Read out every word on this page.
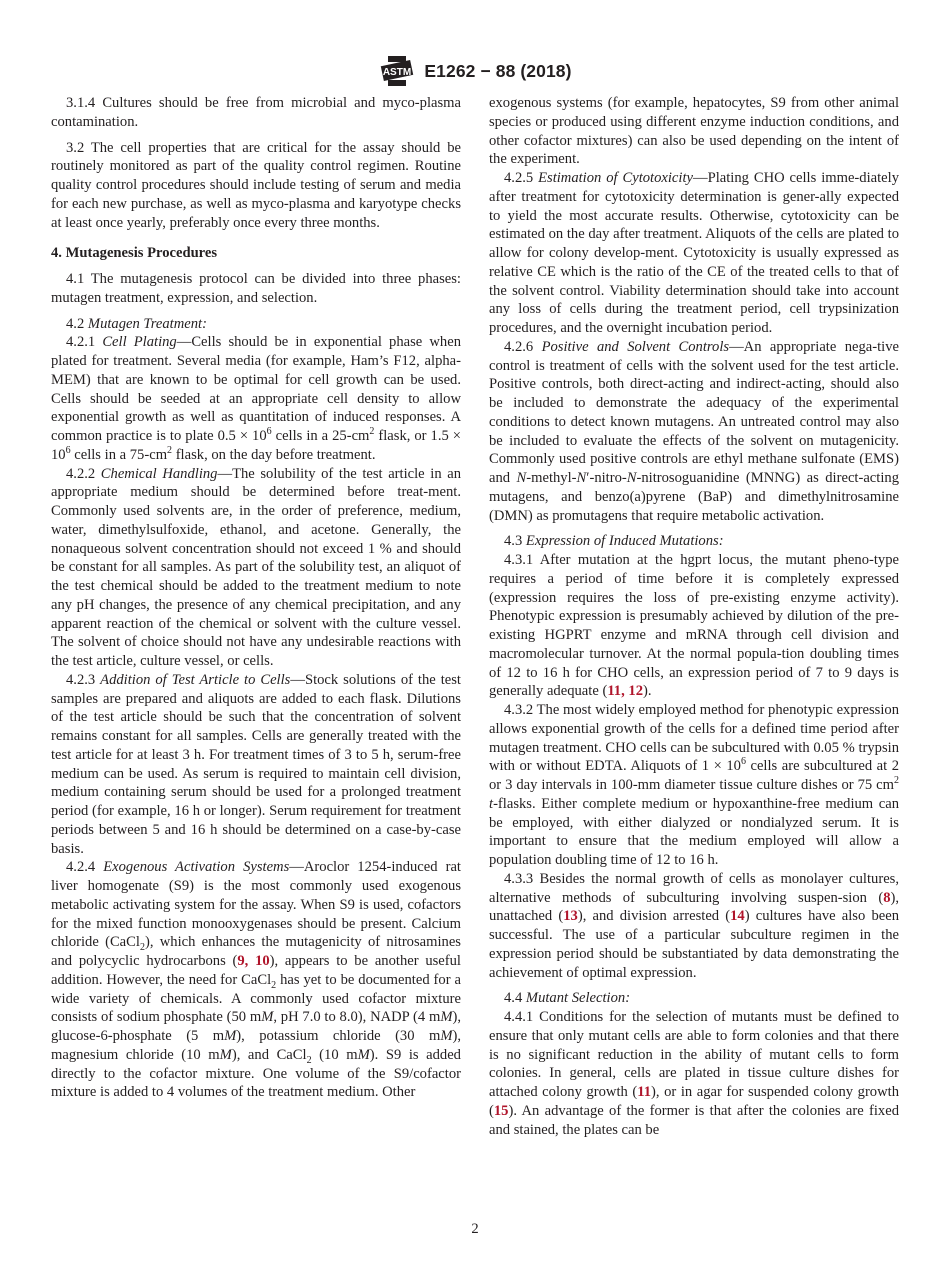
ASTM E1262 − 88 (2018)

3.1.4 Cultures should be free from microbial and myco-plasma contamination.

3.2 The cell properties that are critical for the assay should be routinely monitored as part of the quality control regimen. Routine quality control procedures should include testing of serum and media for each new purchase, as well as myco-plasma and karyotype checks at least once yearly, preferably once every three months.

4. Mutagenesis Procedures

4.1 The mutagenesis protocol can be divided into three phases: mutagen treatment, expression, and selection.

4.2 Mutagen Treatment:

4.2.1 Cell Plating—Cells should be in exponential phase when plated for treatment. Several media (for example, Ham’s F12, alpha-MEM) that are known to be optimal for cell growth can be used. Cells should be seeded at an appropriate cell density to allow exponential growth as well as quantitation of induced responses. A common practice is to plate $0.5 \times 10^6$ cells in a $25-cm^2$ flask, or $1.5 \times 10^6$ cells in a $75-cm^2$ flask, on the day before treatment.

4.2.2 Chemical Handling—The solubility of the test article in an appropriate medium should be determined before treat-ment. Commonly used solvents are, in the order of preference, medium, water, dimethylsulfoxide, ethanol, and acetone. Generally, the nonaqueous solvent concentration should not exceed 1 % and should be constant for all samples. As part of the solubility test, an aliquot of the test chemical should be added to the treatment medium to note any pH changes, the presence of any chemical precipitation, and any apparent reaction of the chemical or solvent with the culture vessel. The solvent of choice should not have any undesirable reactions with the test article, culture vessel, or cells.

4.2.3 Addition of Test Article to Cells—Stock solutions of the test samples are prepared and aliquots are added to each flask. Dilutions of the test article should be such that the concentration of solvent remains constant for all samples. Cells are generally treated with the test article for at least 3 h. For treatment times of 3 to 5 h, serum-free medium can be used. As serum is required to maintain cell division, medium containing serum should be used for a prolonged treatment period (for example, 16 h or longer). Serum requirement for treatment periods between 5 and 16 h should be determined on a case-by-case basis.

4.2.4 Exogenous Activation Systems—Aroclor 1254-induced rat liver homogenate (S9) is the most commonly used exogenous metabolic activating system for the assay. When S9 is used, cofactors for the mixed function monooxygenases should be present. Calcium chloride (CaCl$_2$), which enhances the mutagenicity of nitrosamines and polycyclic hydrocarbons (9, 10), appears to be another useful addition. However, the need for CaCl$_2$ has yet to be documented for a wide variety of chemicals. A commonly used cofactor mixture consists of sodium phosphate (50 mM, pH 7.0 to 8.0), NADP (4 mM), glucose-6-phosphate (5 mM), potassium chloride (30 mM), magnesium chloride (10 mM), and CaCl$_2$ (10 mM). S9 is added directly to the cofactor mixture. One volume of the S9/cofactor mixture is added to 4 volumes of the treatment medium. Other

exogenous systems (for example, hepatocytes, S9 from other animal species or produced using different enzyme induction conditions, and other cofactor mixtures) can also be used depending on the intent of the experiment.

4.2.5 Estimation of Cytotoxicity—Plating CHO cells imme-diately after treatment for cytotoxicity determination is gener-ally expected to yield the most accurate results. Otherwise, cytotoxicity can be estimated on the day after treatment. Aliquots of the cells are plated to allow for colony develop-ment. Cytotoxicity is usually expressed as relative CE which is the ratio of the CE of the treated cells to that of the solvent control. Viability determination should take into account any loss of cells during the treatment period, cell trypsinization procedures, and the overnight incubation period.

4.2.6 Positive and Solvent Controls—An appropriate nega-tive control is treatment of cells with the solvent used for the test article. Positive controls, both direct-acting and indirect-acting, should also be included to demonstrate the adequacy of the experimental conditions to detect known mutagens. An untreated control may also be included to evaluate the effects of the solvent on mutagenicity. Commonly used positive controls are ethyl methane sulfonate (EMS) and N-methyl-N′-nitro-N-nitrosoguanidine (MNNG) as direct-acting mutagens, and benzo(a)pyrene (BaP) and dimethylnitrosamine (DMN) as promutagens that require metabolic activation.

4.3 Expression of Induced Mutations:

4.3.1 After mutation at the hgprt locus, the mutant pheno-type requires a period of time before it is completely expressed (expression requires the loss of pre-existing enzyme activity). Phenotypic expression is presumably achieved by dilution of the pre-existing HGPRT enzyme and mRNA through cell division and macromolecular turnover. At the normal popula-tion doubling times of 12 to 16 h for CHO cells, an expression period of 7 to 9 days is generally adequate (11, 12).

4.3.2 The most widely employed method for phenotypic expression allows exponential growth of the cells for a defined time period after mutagen treatment. CHO cells can be subcultured with 0.05 % trypsin with or without EDTA. Aliquots of $1 \times 10^6$ cells are subcultured at 2 or 3 day intervals in 100-mm diameter tissue culture dishes or 75 $cm^2$ t-flasks. Either complete medium or hypoxanthine-free medium can be employed, with either dialyzed or nondialyzed serum. It is important to ensure that the medium employed will allow a population doubling time of 12 to 16 h.

4.3.3 Besides the normal growth of cells as monolayer cultures, alternative methods of subculturing involving suspen-sion (8), unattached (13), and division arrested (14) cultures have also been successful. The use of a particular subculture regimen in the expression period should be substantiated by data demonstrating the achievement of optimal expression.

4.4 Mutant Selection:

4.4.1 Conditions for the selection of mutants must be defined to ensure that only mutant cells are able to form colonies and that there is no significant reduction in the ability of mutant cells to form colonies. In general, cells are plated in tissue culture dishes for attached colony growth (11), or in agar for suspended colony growth (15). An advantage of the former is that after the colonies are fixed and stained, the plates can be

2
